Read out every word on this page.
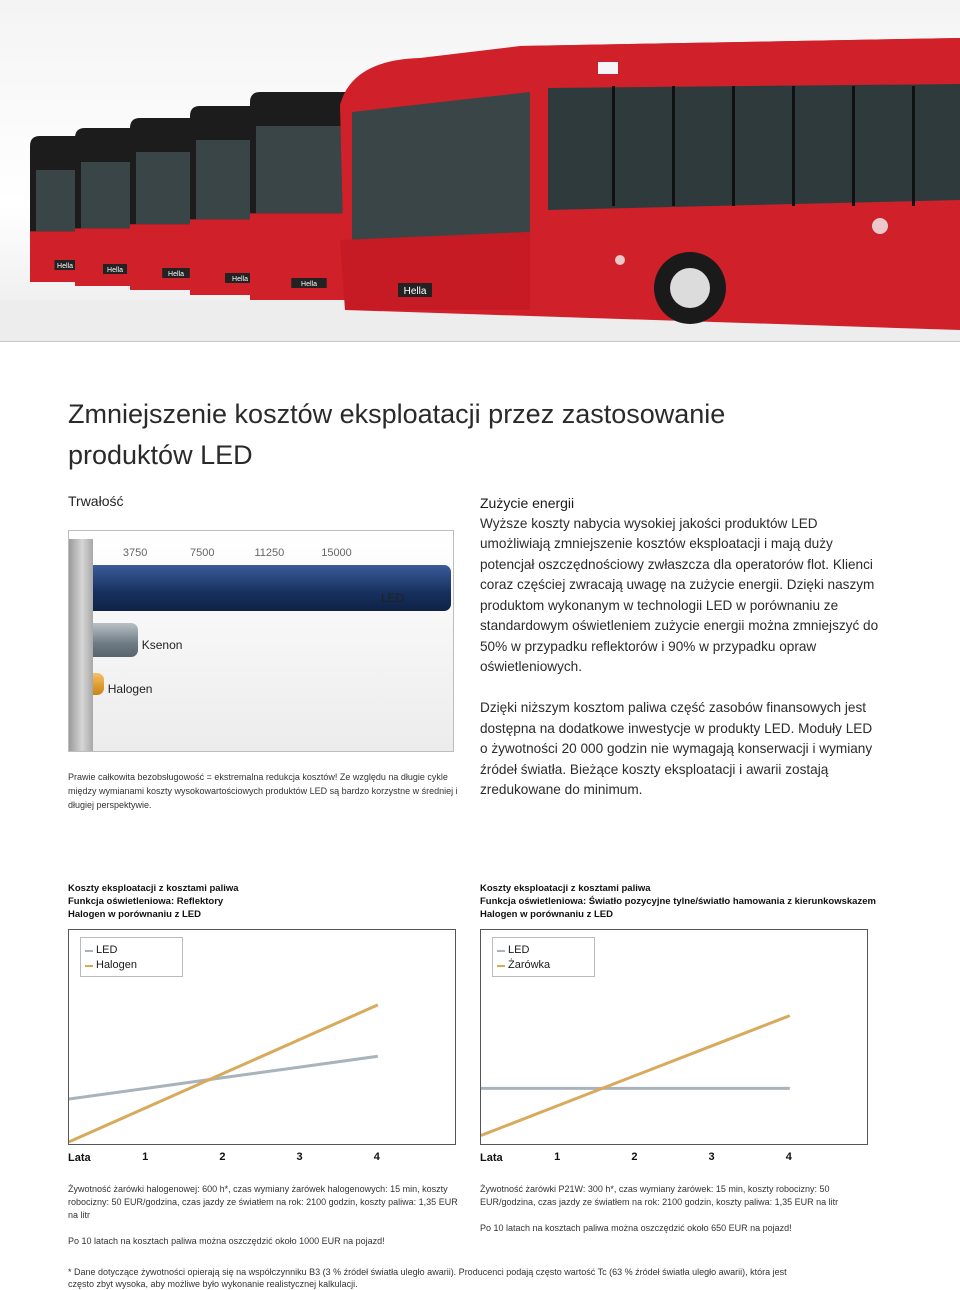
Hella
Hella
Hella
Hella
Hella
Hella
Zmniejszenie kosztów eksploatacji przez zastosowanie produktów LED
Trwałość
3750	7500	11250	15000
LED
Ksenon
Halogen
Prawie całkowita bezobsługowość = ekstremalna redukcja kosztów! Ze względu na długie cykle między wymianami koszty wysokowartościowych produktów LED są bardzo korzystne w średniej i długiej perspektywie.
Zużycie energii

Wyższe koszty nabycia wysokiej jakości produktów LED umożliwiają zmniejszenie kosztów eksploatacji i mają duży potencjał oszczędnościowy zwłaszcza dla operatorów flot. Klienci coraz częściej zwracają uwagę na zużycie energii. Dzięki naszym produktom wykonanym w technologii LED w porównaniu ze standardowym oświetleniem zużycie energii można zmniejszyć do 50% w przypadku reflektorów i 90% w przypadku opraw oświetleniowych.

Dzięki niższym kosztom paliwa część zasobów finansowych jest dostępna na dodatkowe inwestycje w produkty LED. Moduły LED o żywotności 20 000 godzin nie wymagają konserwacji i wymiany źródeł światła. Bieżące koszty eksploatacji i awarii zostają zredukowane do minimum.

Koszty eksploatacji z kosztami paliwa
Funkcja oświetleniowa: Reflektory
Halogen w porównaniu z LED
LED
Halogen
Lata	1	2	3	4

Żywotność żarówki halogenowej: 600 h*, czas wymiany żarówek halogenowych: 15 min, koszty robocizny: 50 EUR/godzina, czas jazdy ze światłem na rok: 2100 godzin, koszty paliwa: 1,35 EUR na litr

Po 10 latach na kosztach paliwa można oszczędzić około 1000 EUR na pojazd!

Koszty eksploatacji z kosztami paliwa
Funkcja oświetleniowa: Światło pozycyjne tylne/światło hamowania z kierunkowskazem
Halogen w porównaniu z LED
LED
Żarówka
Lata	1	2	3	4

Żywotność żarówki P21W: 300 h*, czas wymiany żarówek: 15 min, koszty robocizny: 50 EUR/godzina, czas jazdy ze światłem na rok: 2100 godzin, koszty paliwa: 1,35 EUR na litr

Po 10 latach na kosztach paliwa można oszczędzić około 650 EUR na pojazd!

* Dane dotyczące żywotności opierają się na współczynniku B3 (3 % źródeł światła uległo awarii). Producenci podają często wartość Tc (63 % źródeł światła uległo awarii), która jest często zbyt wysoka, aby możliwe było wykonanie realistycznej kalkulacji.
